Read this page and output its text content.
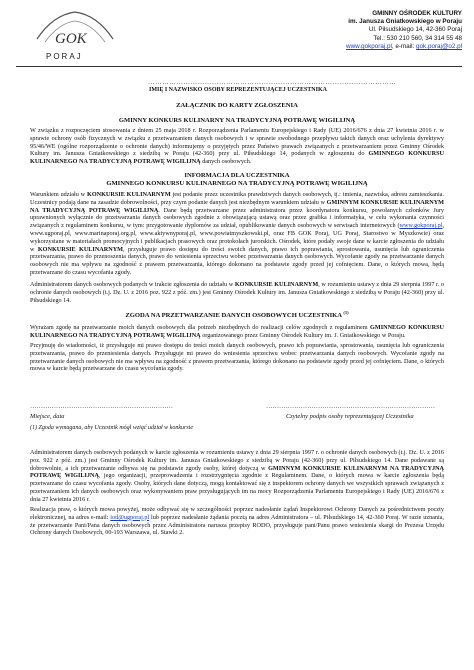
GOK
PORAJ
GMINNY OŚRODEK KULTURY
im. Janusza Gniatkowskiego w Poraju
Ul. Piłsudskiego 14, 42-360 Poraj
Tel.: 530 210 560, 34 314 55 48
www.gokporaj.pl, e-mail: gok.poraj@o2.pl
……………………………………………………………………………………………
IMIĘ I NAZWISKO OSOBY REPREZENTUJĄCEJ UCZESTNIKA
ZAŁĄCZNIK DO KARTY ZGŁOSZENIA
GMINNY KONKURS KULINARNY NA TRADYCYJNĄ POTRAWĘ WIGILIJNĄ
W związku z rozpoczęciem stosowania z dniem 25 maja 2018 r. Rozporządzenia Parlamentu Europejskiego i Rady (UE) 2016/676 z dnia 27 kwietnia 2016 r. w sprawie ochrony osób fizycznych w związku z przetwarzaniem danych osobowych i w sprawie swobodnego przepływu takich danych oraz uchylenia dyrektywy 95/46/WE (ogólne rozporządzenie o ochronie danych) informujemy o przyjętych przez Państwo prawach związanych z przetwarzaniem przez Gminny Ośrodek Kultury im. Janusza Gniatkowskiego z siedzibą w Poraju (42-360) przy ul. Piłsudskiego 14, podanych w zgłoszeniu do GMINNEGO KONKURSU KULINARNEGO NA TRADYCYJNĄ POTRAWĘ WIGILIJNĄ danych osobowych.
INFORMACJA DLA UCZESTNIKA
GMINNEGO KONKURSU KULINARNEGO NA TRADYCYJNĄ POTRAWĘ WIGILIJNĄ
Warunkiem udziału w KONKURSIE KULINARNYM jest podanie przez uczestnika prawdziwych danych osobowych, tj.: imienia, nazwiska, adresu zamieszkania. Uczestnicy podają dane na zasadzie dobrowolności, przy czym podanie danych jest niezbędnym warunkiem udziału w GMINNYM KONKURSIE KULINARNYM NA TRADYCYJNĄ POTRAWĘ WIGILIJNĄ. Dane będą przetwarzane przez administratora przez koordynatora konkursu, powołanych członków Jury uprawnionych wyłącznie do przetwarzania danych osobowych zgodnie z obowiązującą ustawą oraz przez grafika i informatyka, w celu wykonania czynności związanych z regulaminem konkursu, w tym: przygotowanie dyplomów za udział, opublikowanie danych osobowych w serwisach internetowych (www.gokporaj.pl, www.ugporaj.pl, www.marinaporaj.org.pl, www.aktywnyporaj.pl, www.powiatmyszkowski.pl, oraz FB GOK Poraj, UG Poraj, Starostwo w Myszkowie) oraz wykorzystane w materiałach promocyjnych i publikacjach prasowych oraz protokołach jurorskich. Ośrodek, które podały swoje dane w karcie zgłoszenia do udziału w KONKURSIE KULINARNYM, przysługuje prawo dostępu do treści swoich danych, prawo ich poprawiania, sprostowania, usunięcia lub ograniczenia przetwarzania, prawo do przenoszenia danych, prawo do wniesienia sprzeciwu wobec przetwarzania danych osobowych. Wycofanie zgody na przetwarzanie danych osobowych nie ma wpływu na zgodność z prawem przetwarzania, którego dokonano na podstawie zgody przed jej cofnięciem. Dane, o których mowa, będą przetwarzane do czasu wycofania zgody.
Administratorem danych osobowych podanych w trakcie zgłoszenia do udziału w KONKURSIE KULINARNYM, w rozumieniu ustawy z dnia 29 sierpnia 1997 r. o ochronie danych osobowych (t.j. Dz. U. z 2016 poz. 922 z póź. zm.) jest Gminny Ośrodek Kultury im. Janusza Gniatkowskiego z siedzibą w Poraju (42-360) przy ul. Piłsudskiego 14.
ZGODA NA PRZETWARZANIE DANYCH OSOBOWYCH UCZESTNIKA $^{(1)}$
Wyrażam zgodę na przetwarzanie moich danych osobowych dla potrzeb niezbędnych do realizacji celów zgodnych z regulaminem GMINNEGO KONKURSU KULINARNEGO NA TRADYCYJNĄ POTRAWĘ WIGILIJNĄ organizowanego przez Gminny Ośrodek Kultury im. J. Gniatkowskiego w Poraju.
Przyjmuję do wiadomości, iż przysługuje mi prawo dostępu do treści moich danych osobowych, prawo ich poprawiania, sprostowania, usunięcia lub ograniczenia przetwarzania, prawo do przeniesienia danych. Przysługuje mi prawo do wniesienia sprzeciwu wobec przetwarzania danych osobowych. Wycofanie zgody na przetwarzanie danych osobowych nie ma wpływu na zgodność z prawem przetwarzania, którego dokonano na podstawie zgody przed jej cofnięciem. Dane, o których mowa w karcie będą przetwarzane do czasu wycofania zgody.
…………………………………………………………	……………………………………………………………………
Miejsce, data	Czytelny podpis osoby reprezentującej Uczestnika
(1) Zgoda wymagana, aby Uczestnik mógł wziąć udział w konkursie
Administratorem danych osobowych podanych w karcie zgłoszenia w rozumieniu ustawy z dnia 29 sierpnia 1997 r. o ochronie danych osobowych (t.j. Dz. U. z 2016 poz. 922 z póź. zm.) jest Gminny Ośrodek Kultury im. Janusza Gniatkowskiego z siedzibą w Poraju (42-360) przy ul. Piłsudskiego 14. Dane podawane są dobrowolnie, a ich przetwarzanie odbywa się na podstawie zgody osoby, której dotyczą w GMINNYM KONKURSIE KULINARNYM NA TRADYCYJNĄ POTRAWĘ WIGILIJNĄ, jego organizacji, przeprowadzenia i rozstrzygnięcia zgodnie z Regulaminem. Dane, o których mowa w karcie zgłoszenia będą przetwarzane do czasu wycofania zgody. Osoby, których dane dotyczą, mogą kontaktować się z inspektorem ochrony danych we wszystkich sprawach związanych z przetwarzaniem ich danych osobowych oraz wykonywaniem praw przysługujących im na mocy Rozporządzenia Parlamentu Europejskiego i Rady (UE) 2016/676 z dnia 27 kwietnia 2016 r.
Realizacja praw, o których mowa powyżej, może odbywać się w szczególności poprzez nadesłanie żądań Inspektorowi Ochrony Danych za pośrednictwem poczty elektronicznej, na adres e-mail: iod@ugporaj.pl lub poprzez nadesłanie żądania pocztą na adres Administratora – ul. Piłsudskiego 14, 42-360 Poraj. W razie uznania, że przetwarzanie Pani/Pana danych osobowych przez Administratora narusza przepisy RODO, przysługuje pani/Panu prawo wniesienia skargi do Prezesa Urzędu Ochrony danych Osobowych, 00-193 Warszawa, ul. Stawki 2.
